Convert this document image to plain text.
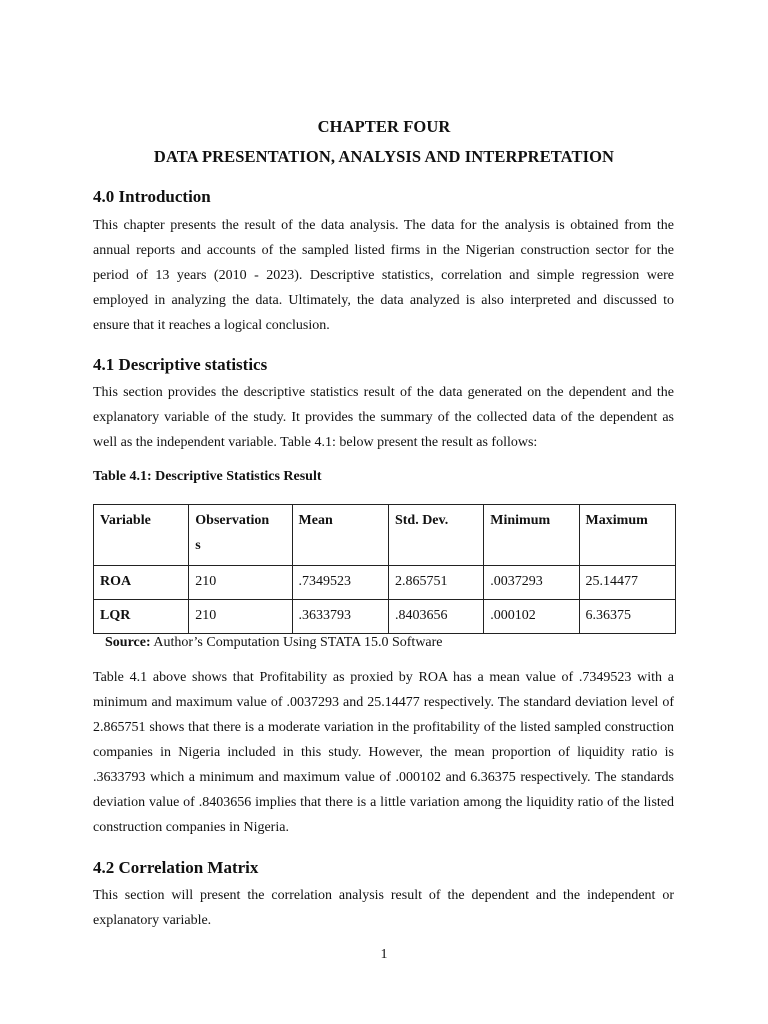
CHAPTER FOUR
DATA PRESENTATION, ANALYSIS AND INTERPRETATION
4.0 Introduction
This chapter presents the result of the data analysis. The data for the analysis is obtained from the annual reports and accounts of the sampled listed firms in the Nigerian construction sector for the period of 13 years (2010 - 2023). Descriptive statistics, correlation and simple regression were employed in analyzing the data. Ultimately, the data analyzed is also interpreted and discussed to ensure that it reaches a logical conclusion.
4.1 Descriptive statistics
This section provides the descriptive statistics result of the data generated on the dependent and the explanatory variable of the study. It provides the summary of the collected data of the dependent as well as the independent variable. Table 4.1: below present the result as follows:
Table 4.1: Descriptive Statistics Result
Variable	Observations	Mean	Std. Dev.	Minimum	Maximum
ROA	210	.7349523	2.865751	.0037293	25.14477
LQR	210	.3633793	.8403656	.000102	6.36375
Source: Author’s Computation Using STATA 15.0 Software
Table 4.1 above shows that Profitability as proxied by ROA has a mean value of .7349523 with a minimum and maximum value of .0037293 and 25.14477 respectively. The standard deviation level of 2.865751 shows that there is a moderate variation in the profitability of the listed sampled construction companies in Nigeria included in this study. However, the mean proportion of liquidity ratio is .3633793 which a minimum and maximum value of .000102 and 6.36375 respectively. The standards deviation value of .8403656 implies that there is a little variation among the liquidity ratio of the listed construction companies in Nigeria.
4.2 Correlation Matrix
This section will present the correlation analysis result of the dependent and the independent or explanatory variable.
1
